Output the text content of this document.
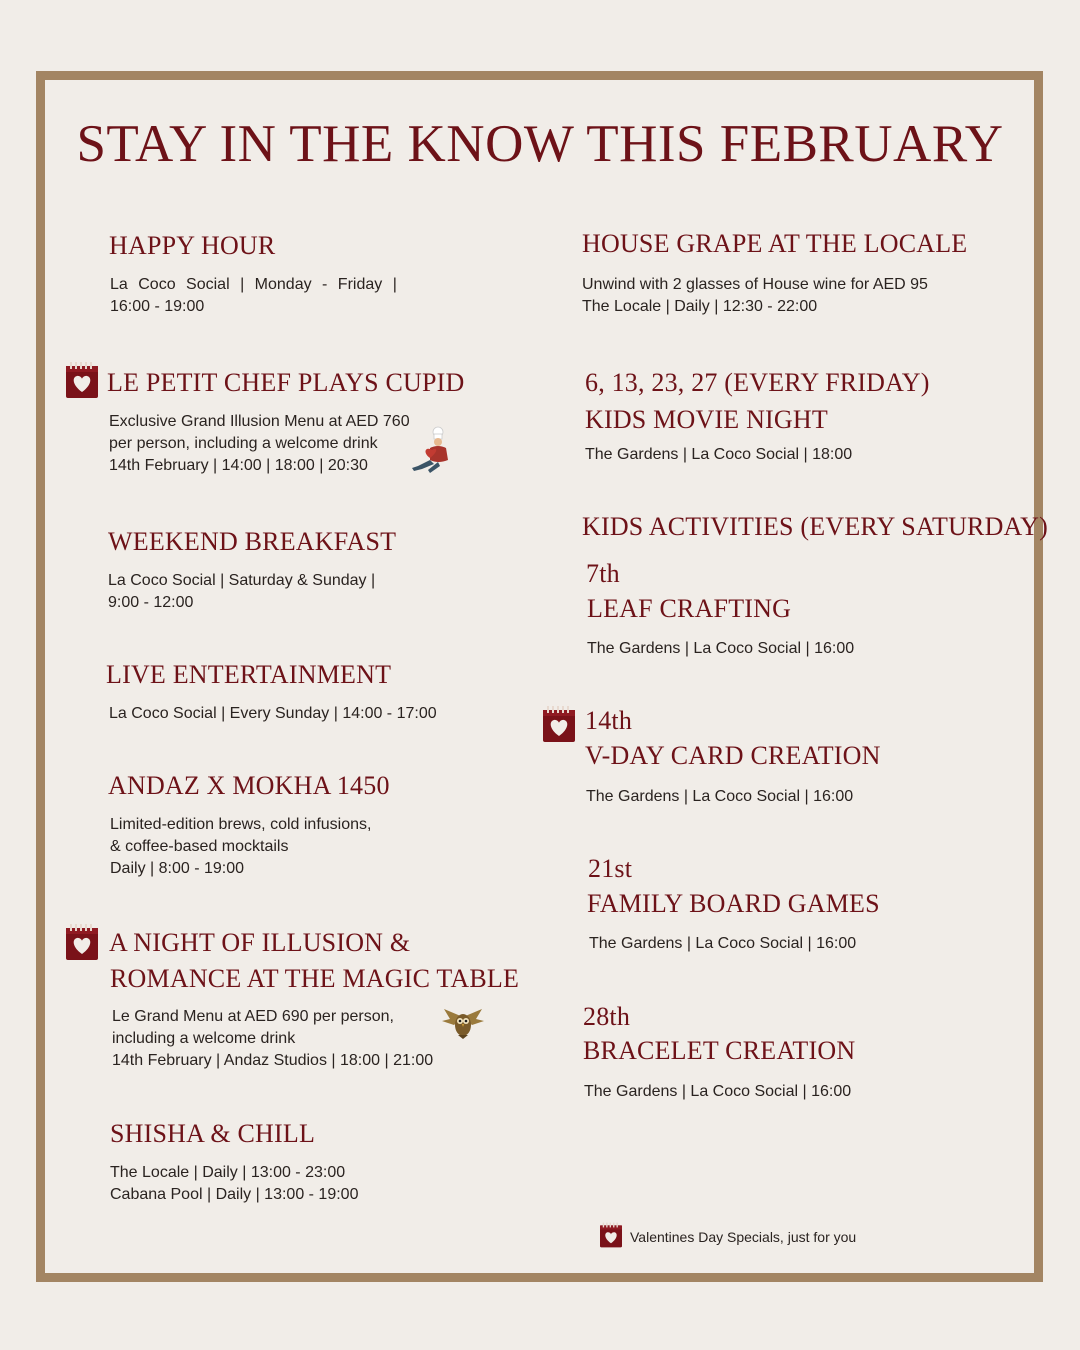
STAY IN THE KNOW THIS FEBRUARY
HAPPY HOUR
La Coco Social | Monday - Friday |
16:00 - 19:00
LE PETIT CHEF PLAYS CUPID
Exclusive Grand Illusion Menu at AED 760
per person, including a welcome drink
14th February | 14:00 | 18:00 | 20:30
WEEKEND BREAKFAST
La Coco Social | Saturday & Sunday |
9:00 - 12:00
LIVE ENTERTAINMENT
La Coco Social | Every Sunday | 14:00 - 17:00
ANDAZ X MOKHA 1450
Limited-edition brews, cold infusions,
& coffee-based mocktails
Daily | 8:00 - 19:00
A NIGHT OF ILLUSION &
ROMANCE AT THE MAGIC TABLE
Le Grand Menu at AED 690 per person,
including a welcome drink
14th February | Andaz Studios | 18:00 | 21:00
SHISHA & CHILL
The Locale | Daily | 13:00 - 23:00
Cabana Pool | Daily | 13:00 - 19:00
HOUSE GRAPE AT THE LOCALE
Unwind with 2 glasses of House wine for AED 95
The Locale | Daily | 12:30 - 22:00
6, 13, 23, 27 (EVERY FRIDAY)
KIDS MOVIE NIGHT
The Gardens | La Coco Social | 18:00
KIDS ACTIVITIES (EVERY SATURDAY)
7th
LEAF CRAFTING
The Gardens | La Coco Social | 16:00
14th
V-DAY CARD CREATION
The Gardens | La Coco Social | 16:00
21st
FAMILY BOARD GAMES
The Gardens | La Coco Social | 16:00
28th
BRACELET CREATION
The Gardens | La Coco Social | 16:00
Valentines Day Specials, just for you
